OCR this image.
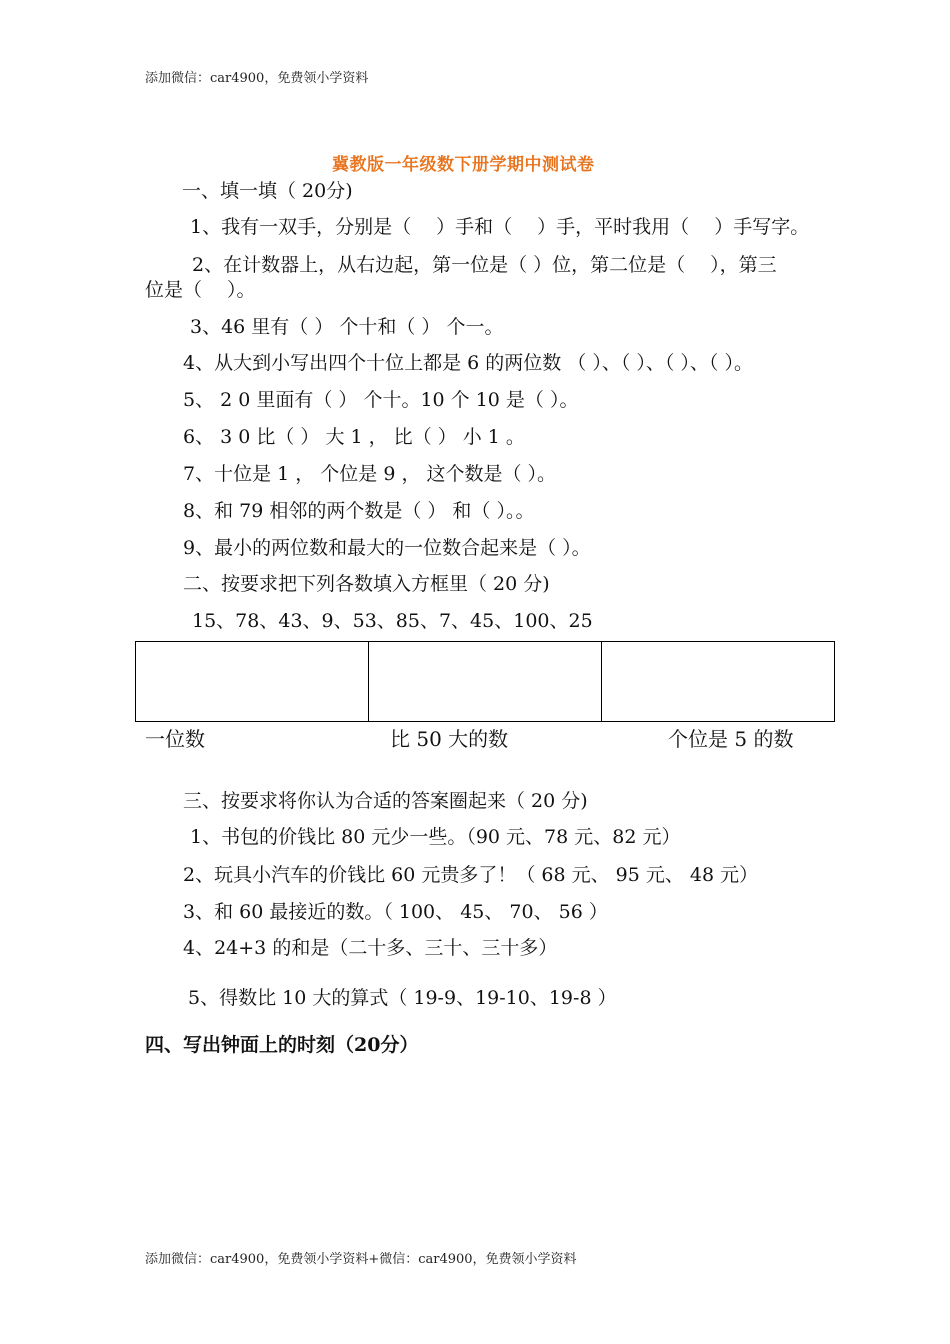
添加微信：car4900，免费领小学资料
冀教版一年级数下册学期中测试卷
一、填一填（ 20分)
1、我有一双手，分别是（　 ）手和（　 ）手，平时我用（　 ）手写字。
2、在计数器上，从右边起，第一位是（ ）位，第二位是（　 ），第三
位是（　 ）。
3、46 里有（ ） 个十和（ ） 个一。
4、从大到小写出四个十位上都是 6 的两位数 （ ）、（ ）、（ ）、（ ）。
5、 2 0 里面有（ ） 个十。10 个 10 是（ ）。
6、 3 0 比（ ） 大 1 ， 比（ ） 小 1 。
7、十位是 1 ， 个位是 9 ， 这个数是（ ）。
8、和 79 相邻的两个数是（ ） 和（ ）。。
9、最小的两位数和最大的一位数合起来是（ ）。
二、按要求把下列各数填入方框里（ 20 分)
15、78、43、9、53、85、7、45、100、25
一位数	比 50 大的数	个位是 5 的数
三、按要求将你认为合适的答案圈起来（ 20 分)
1、书包的价钱比 80 元少一些。（90 元、78 元、82 元）
2、玩具小汽车的价钱比 60 元贵多了！（ 68 元、 95 元、 48 元）
3、和 60 最接近的数。（ 100、 45、 70、 56 ）
4、24+3 的和是（二十多、三十、三十多）
5、得数比 10 大的算式（ 19-9、19-10、19-8 ）
四、写出钟面上的时刻（20分）
添加微信：car4900，免费领小学资料+微信：car4900，免费领小学资料
